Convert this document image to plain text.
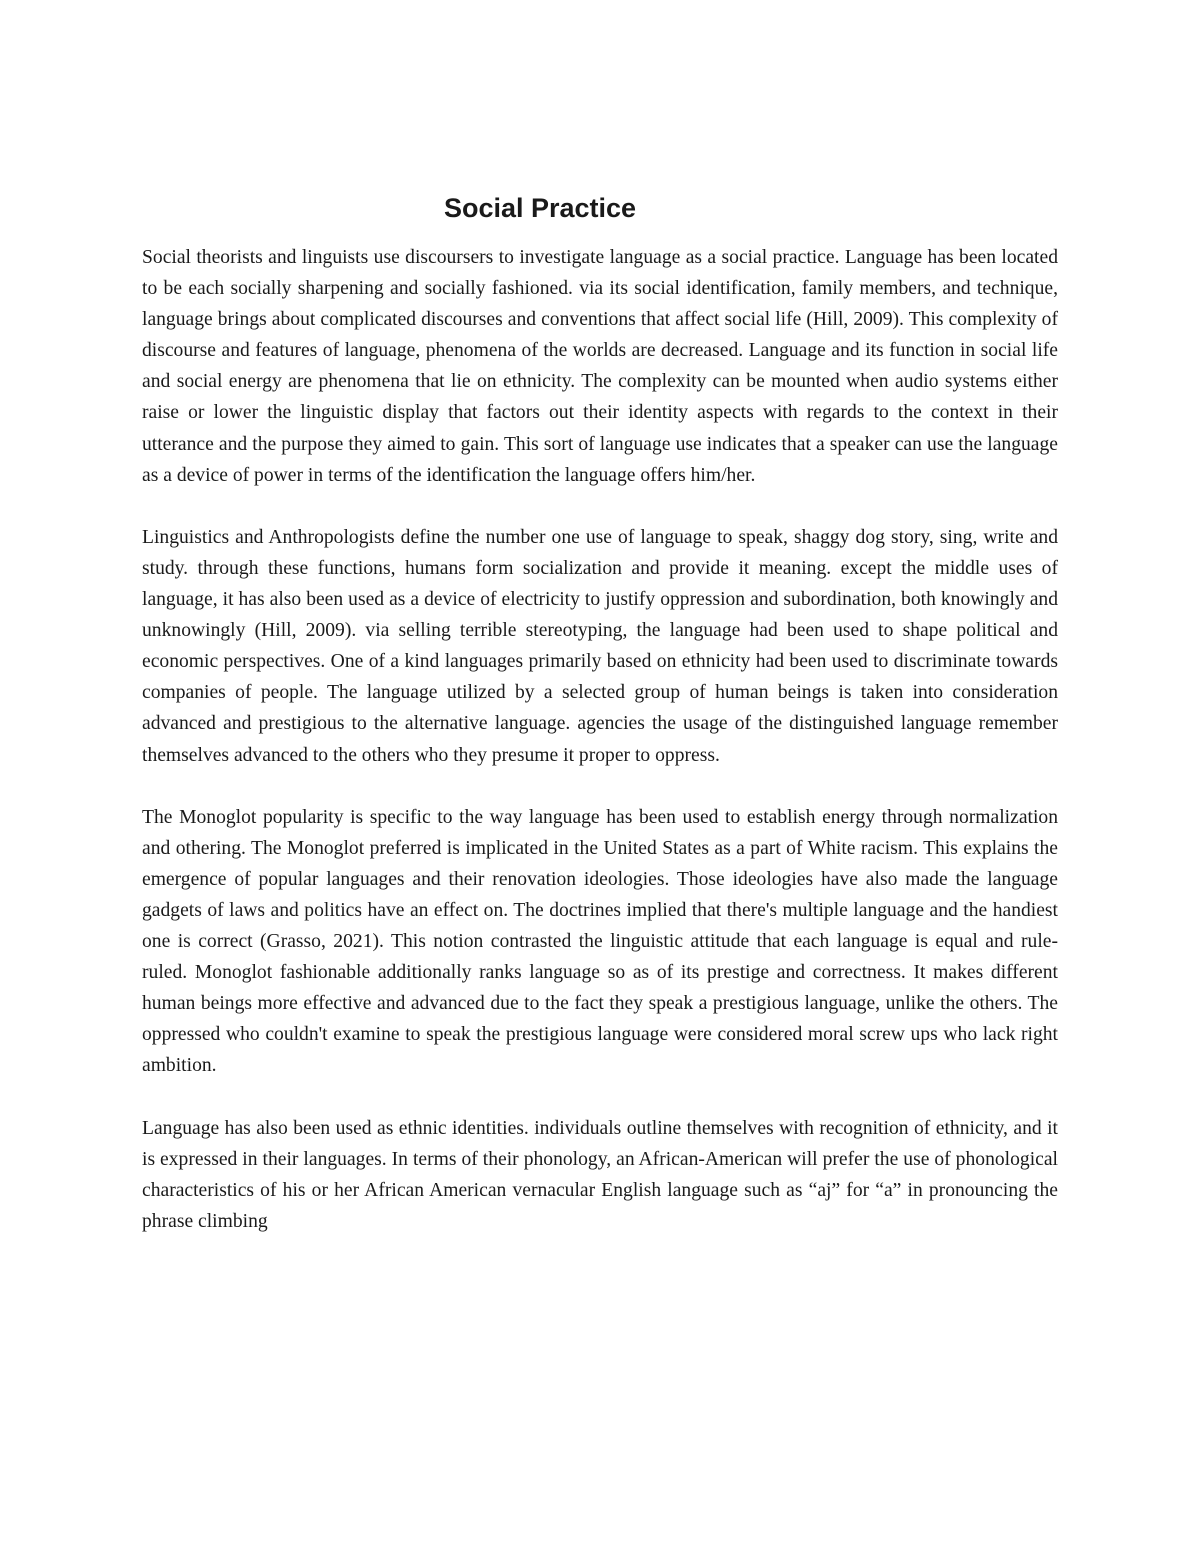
Social Practice

Social theorists and linguists use discoursers to investigate language as a social practice. Language has been located to be each socially sharpening and socially fashioned. via its social identification, family members, and technique, language brings about complicated discourses and conventions that affect social life (Hill, 2009). This complexity of discourse and features of language, phenomena of the worlds are decreased. Language and its function in social life and social energy are phenomena that lie on ethnicity. The complexity can be mounted when audio systems either raise or lower the linguistic display that factors out their identity aspects with regards to the context in their utterance and the purpose they aimed to gain. This sort of language use indicates that a speaker can use the language as a device of power in terms of the identification the language offers him/her.

Linguistics and Anthropologists define the number one use of language to speak, shaggy dog story, sing, write and study. through these functions, humans form socialization and provide it meaning. except the middle uses of language, it has also been used as a device of electricity to justify oppression and subordination, both knowingly and unknowingly (Hill, 2009). via selling terrible stereotyping, the language had been used to shape political and economic perspectives. One of a kind languages primarily based on ethnicity had been used to discriminate towards companies of people. The language utilized by a selected group of human beings is taken into consideration advanced and prestigious to the alternative language. agencies the usage of the distinguished language remember themselves advanced to the others who they presume it proper to oppress.

The Monoglot popularity is specific to the way language has been used to establish energy through normalization and othering. The Monoglot preferred is implicated in the United States as a part of White racism. This explains the emergence of popular languages and their renovation ideologies. Those ideologies have also made the language gadgets of laws and politics have an effect on. The doctrines implied that there's multiple language and the handiest one is correct (Grasso, 2021). This notion contrasted the linguistic attitude that each language is equal and rule-ruled. Monoglot fashionable additionally ranks language so as of its prestige and correctness. It makes different human beings more effective and advanced due to the fact they speak a prestigious language, unlike the others. The oppressed who couldn't examine to speak the prestigious language were considered moral screw ups who lack right ambition.

Language has also been used as ethnic identities. individuals outline themselves with recognition of ethnicity, and it is expressed in their languages. In terms of their phonology, an African-American will prefer the use of phonological characteristics of his or her African American vernacular English language such as “aj” for “a” in pronouncing the phrase climbing
